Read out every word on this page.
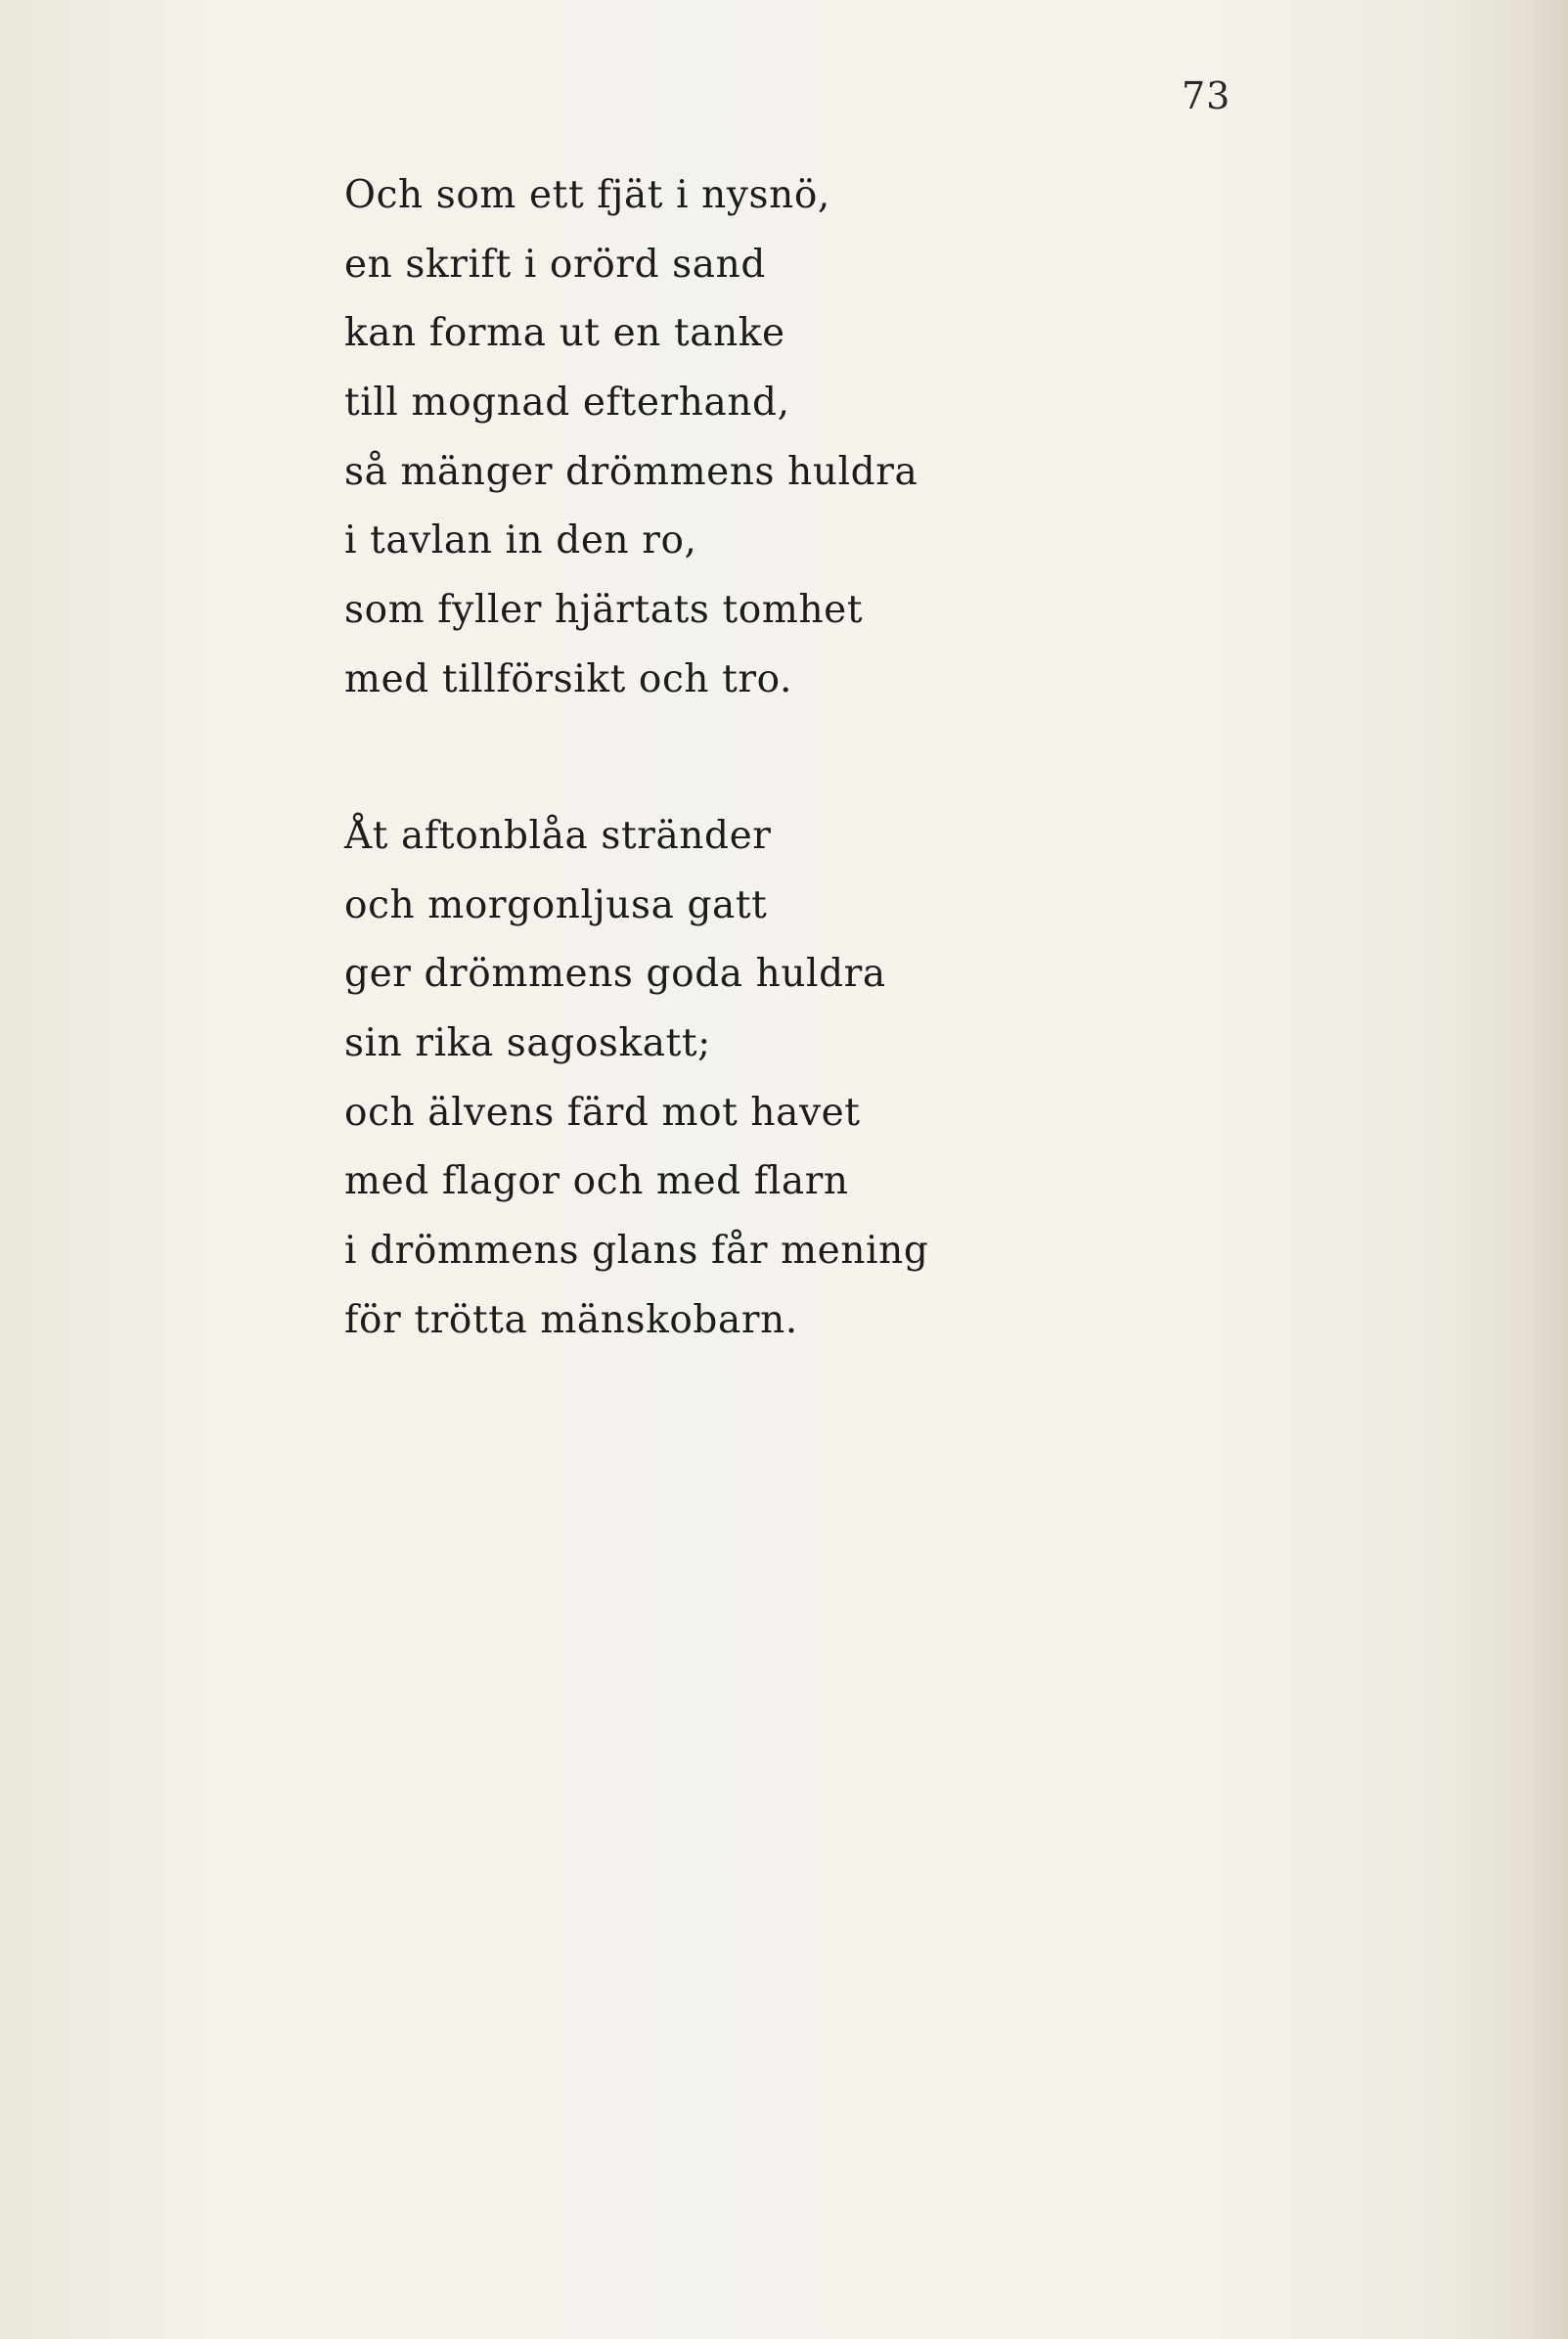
73
Och som ett fjät i nysnö,
en skrift i orörd sand
kan forma ut en tanke
till mognad efterhand,
så mänger drömmens huldra
i tavlan in den ro,
som fyller hjärtats tomhet
med tillförsikt och tro.
Åt aftonblåa stränder
och morgonljusa gatt
ger drömmens goda huldra
sin rika sagoskatt;
och älvens färd mot havet
med flagor och med flarn
i drömmens glans får mening
för trötta mänskobarn.
